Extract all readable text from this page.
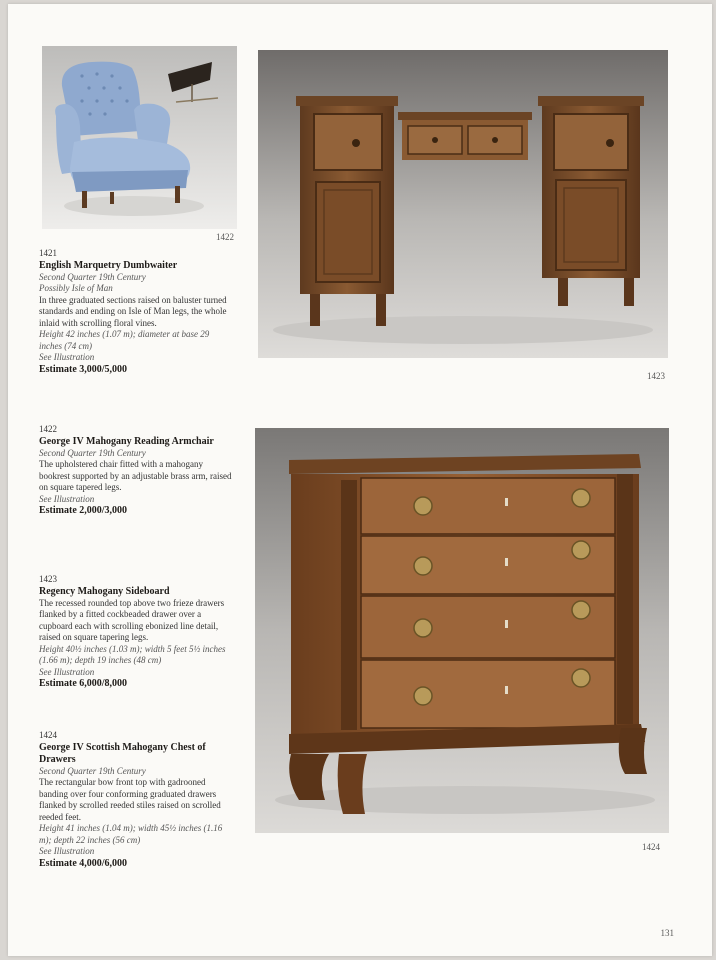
1422
1423
1424
1421
English Marquetry Dumbwaiter
Second Quarter 19th Century
Possibly Isle of Man
In three graduated sections raised on baluster turned standards and ending on Isle of Man legs, the whole inlaid with scrolling floral vines.
Height 42 inches (1.07 m); diameter at base 29 inches (74 cm)
See Illustration
Estimate 3,000/5,000
1422
George IV Mahogany Reading Armchair
Second Quarter 19th Century
The upholstered chair fitted with a mahogany bookrest supported by an adjustable brass arm, raised on square tapered legs.
See Illustration
Estimate 2,000/3,000
1423
Regency Mahogany Sideboard
The recessed rounded top above two frieze drawers flanked by a fitted cockbeaded drawer over a cupboard each with scrolling ebonized line detail, raised on square tapering legs.
Height 40½ inches (1.03 m); width 5 feet 5½ inches (1.66 m); depth 19 inches (48 cm)
See Illustration
Estimate 6,000/8,000
1424
George IV Scottish Mahogany Chest of Drawers
Second Quarter 19th Century
The rectangular bow front top with gadrooned banding over four conforming graduated drawers flanked by scrolled reeded stiles raised on scrolled reeded feet.
Height 41 inches (1.04 m); width 45½ inches (1.16 m); depth 22 inches (56 cm)
See Illustration
Estimate 4,000/6,000
131
